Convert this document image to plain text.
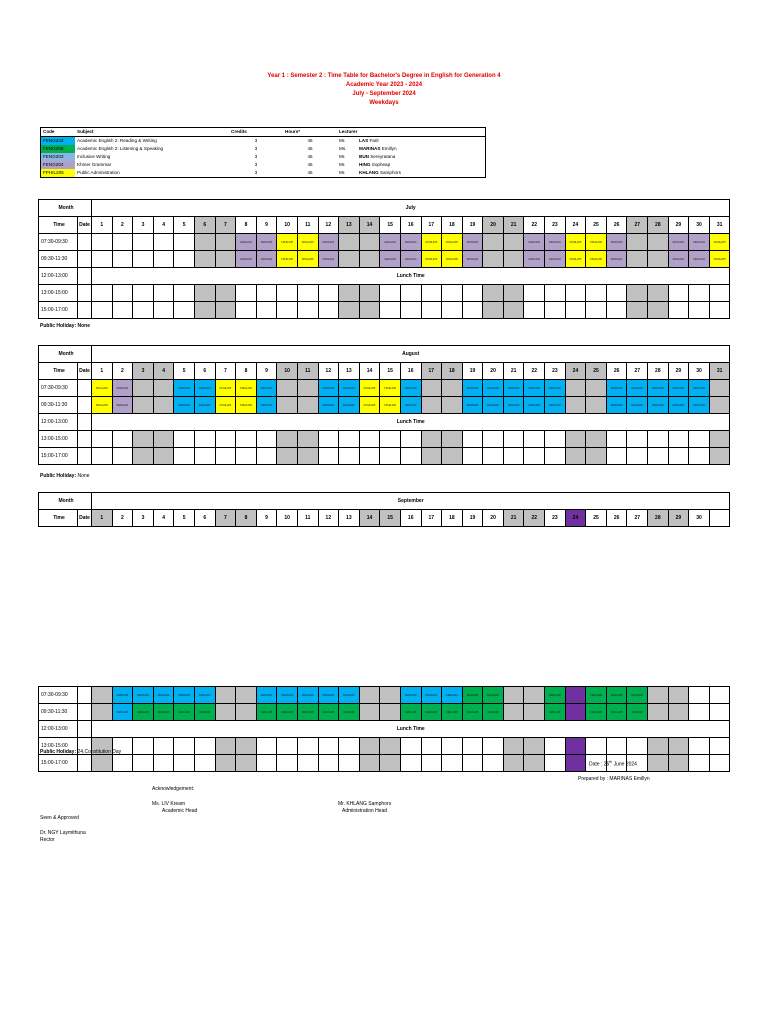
Year 1 : Semester 2 : Time Table for Bachelor's Degree in English for Generation 4
Academic Year 2023 - 2024
July - September 2024
Weekdays
Code	Subject	Credits	Hours*	Lecturer	
FENG203	Academic English 2: Reading & Writing	3	45	Mr.	LAS Farit
FENG208	Academic English 2: Listening & Speaking	3	45	Ms.	MARINAS Emillyn
FENG203	Inclusive Writing	3	45	Mr.	BUN Sereyratana
FENG204	Khmer Grammar	3	45	Mr.	HING Sopheap
FPHIL205	Public Administration	3	45	Mr.	KHLANG Samphors
Month		July																														
Time	Date	1	2	3	4	5	6	7	8	9	10	11	12	13	14	15	16	17	18	19	20	21	22	23	24	25	26	27	28	29	30	31
07:30-09:30									FENG204	FENG204	FPHIL205	FPHIL205	FENG204			FENG204	FENG204	FPHIL205	FPHIL205	FENG204			FENG204	FENG204	FPHIL205	FPHIL205	FENG204			FENG204	FENG204	FPHIL205

09:30-11:30									FENG204	FENG204	FPHIL205	FPHIL205	FENG204			FENG204	FENG204	FPHIL205	FPHIL205	FENG204			FENG204	FENG204	FPHIL205	FPHIL205	FENG204			FENG204	FENG204	FPHIL205

12:00-13:00		Lunch Time																														
13:00-15:00																																
15:00-17:00																																
Public Holiday: None
Month		August																														
Time	Date	1	2	3	4	5	6	7	8	9	10	11	12	13	14	15	16	17	18	19	20	21	22	23	24	25	26	27	28	29	30	31
07:30-09:30		FPHIL205	FENG204			FENG203	FENG203	FPHIL205	FPHIL205	FENG203			FENG203	FENG203	FPHIL205	FPHIL205	FENG203			FENG203	FENG203	FENG203	FENG203	FENG203			FENG203	FENG203	FENG203	FENG203	FENG203	

09:30-11:30		FPHIL205	FENG204			FENG203	FENG203	FPHIL205	FPHIL205	FENG203			FENG203	FENG203	FPHIL205	FPHIL205	FENG203			FENG203	FENG203	FENG203	FENG203	FENG203			FENG203	FENG203	FENG203	FENG203	FENG203	

12:00-13:00		Lunch Time																														
13:00-15:00																																
15:00-17:00																																
Public Holiday: None
Month		September																														
Time	Date	1	2	3	4	5	6	7	8	9	10	11	12	13	14	15	16	17	18	19	20	21	22	23	24	25	26	27	28	29	30	
07:30-09:30			FENG203	FENG203	FENG203	FENG203	FENG203			FENG203	FENG203	FENG203	FENG203	FENG203			FENG203	FENG203	FENG203	FENG208	FENG208			FENG208		FENG208	FENG208	FENG208				

09:30-11:30			FENG203	FENG208	FENG208	FENG208	FENG208			FENG208	FENG208	FENG208	FENG208	FENG208			FENG208	FENG208	FENG208	FENG208	FENG208			FENG208		FENG208	FENG208	FENG208				

12:00-13:00		Lunch Time																														
13:00-15:00																																
15:00-17:00																																
Public Holiday: 24,Constitution Day
Date : 25th June 2024
Prepared by : MARINAS Emillyn
Acknowledgement:
Ms. LIV Kream
Academic Head
Mr. KHLANG Samphors
Administration Head
Seen & Approved
Dr. NGY Laymithuna
Rector
